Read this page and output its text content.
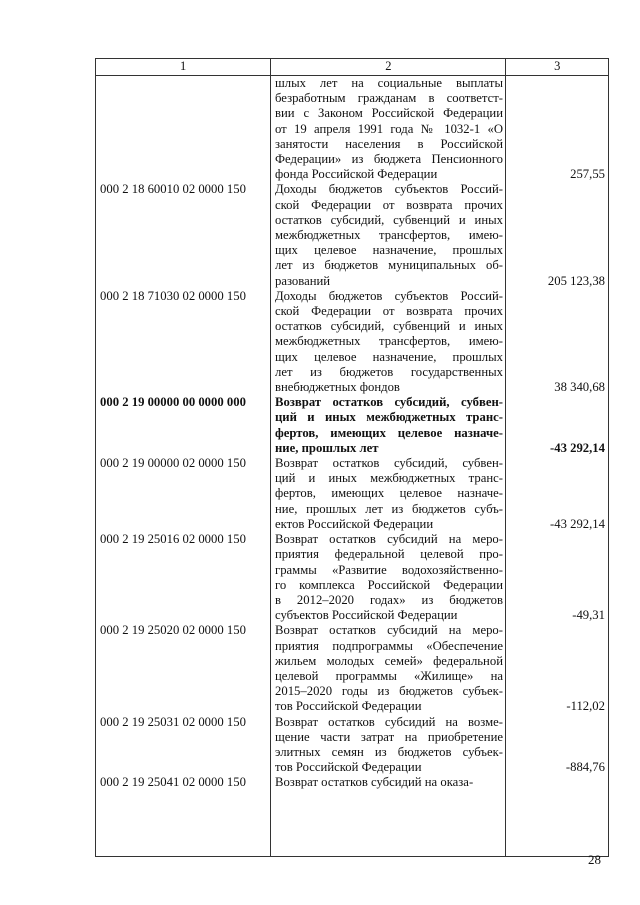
1	2	3
шлых лет на социальные выплаты
безработным гражданам в соответст-
вии с Законом Российской Федерации
от 19 апреля 1991 года № 1032-1 «О
занятости населения в Российской
Федерации» из бюджета Пенсионного
фонда Российской Федерации	257,55
000 2 18 60010 02 0000 150	Доходы бюджетов субъектов Россий-
ской Федерации от возврата прочих
остатков субсидий, субвенций и иных
межбюджетных трансфертов, имею-
щих целевое назначение, прошлых
лет из бюджетов муниципальных об-
разований	205 123,38
000 2 18 71030 02 0000 150	Доходы бюджетов субъектов Россий-
ской Федерации от возврата прочих
остатков субсидий, субвенций и иных
межбюджетных трансфертов, имею-
щих целевое назначение, прошлых
лет из бюджетов государственных
внебюджетных фондов	38 340,68
000 2 19 00000 00 0000 000	Возврат остатков субсидий, субвен-
ций и иных межбюджетных транс-
фертов, имеющих целевое назначе-
ние, прошлых лет	-43 292,14
000 2 19 00000 02 0000 150	Возврат остатков субсидий, субвен-
ций и иных межбюджетных транс-
фертов, имеющих целевое назначе-
ние, прошлых лет из бюджетов субъ-
ектов Российской Федерации	-43 292,14
000 2 19 25016 02 0000 150	Возврат остатков субсидий на меро-
приятия федеральной целевой про-
граммы «Развитие водохозяйственно-
го комплекса Российской Федерации
в 2012–2020 годах» из бюджетов
субъектов Российской Федерации	-49,31
000 2 19 25020 02 0000 150	Возврат остатков субсидий на меро-
приятия подпрограммы «Обеспечение
жильем молодых семей» федеральной
целевой программы «Жилище» на
2015–2020 годы из бюджетов субъек-
тов Российской Федерации	-112,02
000 2 19 25031 02 0000 150	Возврат остатков субсидий на возме-
щение части затрат на приобретение
элитных семян из бюджетов субъек-
тов Российской Федерации	-884,76
000 2 19 25041 02 0000 150	Возврат остатков субсидий на оказа-
28
